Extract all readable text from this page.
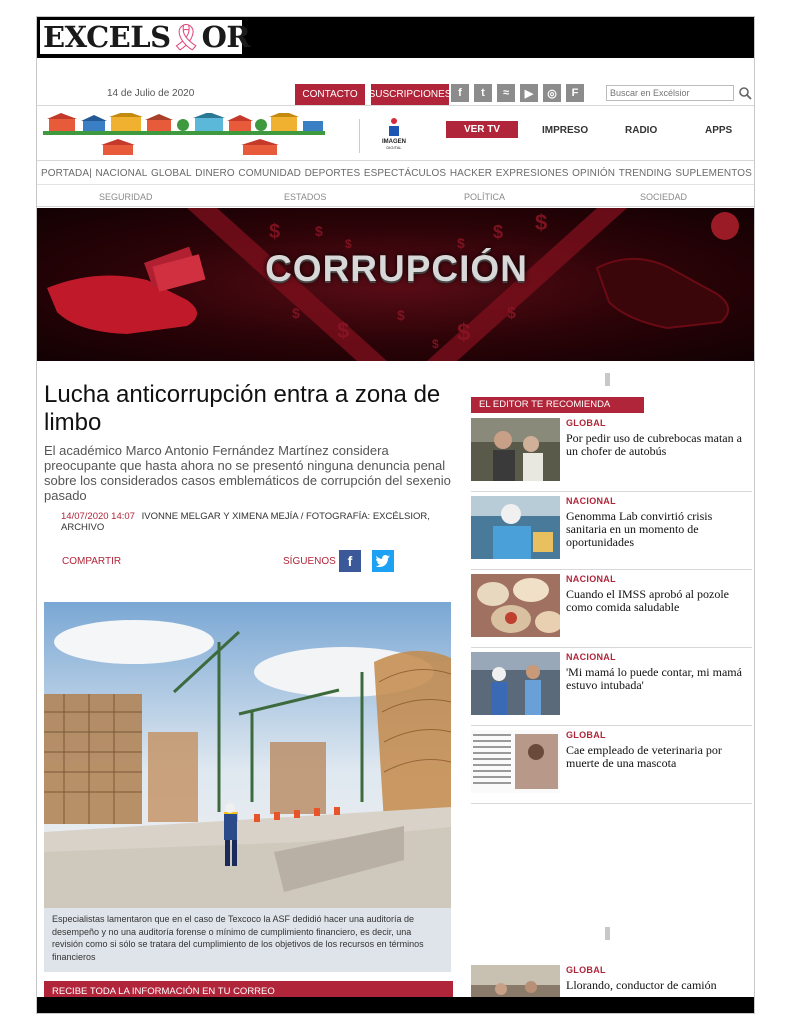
EXCELS 🎗︎ OR
14 de Julio de 2020	CONTACTO	SUSCRIPCIONES f	t	≈	▶	◎	F
Buscar en Excélsior
IMAGEN
DIGITAL
VER TV	IMPRESO	RADIO	APPS
PORTADA| NACIONAL GLOBAL DINERO COMUNIDAD DEPORTES ESPECTÁCULOS HACKER EXPRESIONES OPINIÓN TRENDING SUPLEMENTOS
SEGURIDAD	ESTADOS	POLÍTICA	SOCIEDAD
$ $
$	$
$ $
$
$
$
$
$
$
CORRUPCIÓN
Lucha anticorrupción entra a zona de limbo

El académico Marco Antonio Fernández Martínez considera preocupante que hasta ahora no se presentó ninguna denuncia penal sobre los considerados casos emblemáticos de corrupción del sexenio pasado

14/07/2020 14:07 IVONNE MELGAR Y XIMENA MEJÍA / FOTOGRAFÍA: EXCÉLSIOR, ARCHIVO
COMPARTIR	SÍGUENOS f
Especialistas lamentaron que en el caso de Texcoco la ASF dedidió hacer una auditoría de desempeño y no una auditoría forense o mínimo de cumplimiento financiero, es decir, una revisión como si sólo se tratara del cumplimiento de los objetivos de los recursos en términos financieros
RECIBE TODA LA INFORMACIÓN EN TU CORREO
EL EDITOR TE RECOMIENDA
GLOBAL
Por pedir uso de cubrebocas matan a un chofer de autobús
NACIONAL
Genomma Lab convirtió crisis sanitaria en un momento de oportunidades
NACIONAL
Cuando el IMSS aprobó al pozole como comida saludable
NACIONAL
'Mi mamá lo puede contar, mi mamá estuvo intubada'
GLOBAL
Cae empleado de veterinaria por muerte de una mascota
GLOBAL
Llorando, conductor de camión
